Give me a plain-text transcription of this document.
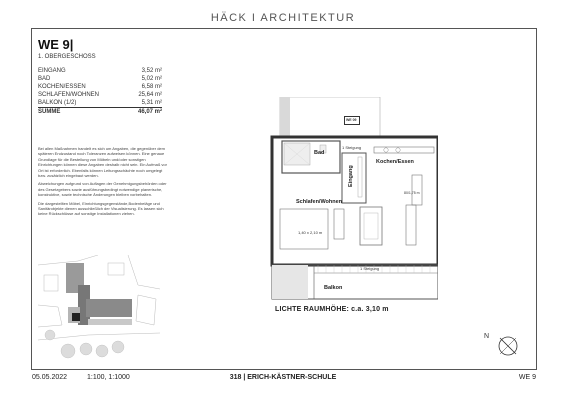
HÄCK I ARCHITEKTUR
WE 9|
1. OBERGESCHOSS
EINGANG	3,52 m²
BAD	5,02 m²
KOCHEN/ESSEN	6,58 m²
SCHLAFEN/WOHNEN	25,64 m²
BALKON (1/2)	5,31 m²
SUMME	46,07 m²

Bei allen Maßnahmen handelt es sich um Angaben, die gegenüber dem späteren Endzustand noch Toleranzen aufweisen können. Eine genaue Grundlage für die Bestellung von Möbeln und/oder sonstigen Einrichtungen können diese Angaben deshalb nicht sein. Ein Aufmaß vor Ort ist erforderlich. Ebenfalls können Leitungsschächte noch umgelegt bzw. zusätzlich eingebaut werden.

Abweichungen aufgrund von Auflagen der Genehmigungsbehörden oder des Gesetzgebers sowie ausführungsbedingt notwendige planerische, konstruktive, sowie technische Änderungen bleiben vorbehalten.

Die dargestellten Möbel, Einrichtungsgegenstände,Bodenbeläge und Sanitärobjekte dienen ausschließlich der Visualisierung. Es lassen sich keine Rückschlüsse auf sonstige Installationen ziehen.

WE 09
Bad
1 Steigung
Kochen/Essen
Eingang
Schlafen/Wohnen
1,40 x 2,10 m
1 Steigung
Balkon
80/1,75 m
LICHTE RAUMHÖHE: c.a. 3,10 m
N
05.05.2022	1:100, 1:1000	318 | ERICH-KÄSTNER-SCHULE	WE 9
